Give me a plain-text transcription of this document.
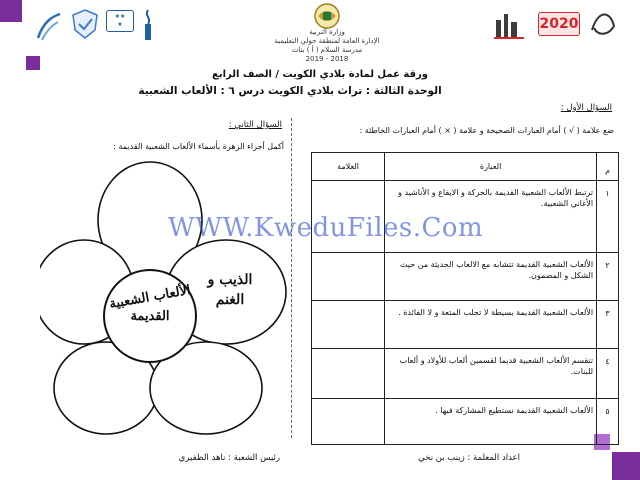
★★
★
وزارة التربية
الإدارة العامة لمنطقة حولي التعليمية
مدرسة السلام ( أ ) بنات
2018 - 2019
2020
ورقة عمل لمادة بلادي الكويت / الصف الرابع
الوحدة الثالثة : تراث بلادي الكويت درس ٦ : الألعاب الشعبية
السؤال الأول :
ضع علامة ( √ ) أمام العبارات الصحيحة و علامة ( × ) أمام العبارات الخاطئة :
م	العبارة	العلامة
١	ترتبط الألعاب الشعبية القديمة بالحركة و الايقاع و الأناشيد و الأغاني الشعبية.	
٢	الألعاب الشعبية القديمة تتشابه مع الالعاب الحديثة من حيث الشكل و المضمون.	
٣	الألعاب الشعبية القديمة بسيطة لا تجلب المتعة و لا الفائدة .	
٤	تنقسم الألعاب الشعبية قديما لقسمين ألعاب للأولاد و ألعاب للبنات.	
٥	الألعاب الشعبية القديمة نستطيع المشاركة فيها .	
السؤال الثاني :
أكمل أجزاء الزهرة بأسماء الألعاب الشعبية القديمة :
الألعاب الشعبية
القديمة
الذيب و
الغنم
WWW.KweduFiles.Com
اعداد المعلمة : زينب بن نخي
رئيس الشعبة : ناهد الظفيري
